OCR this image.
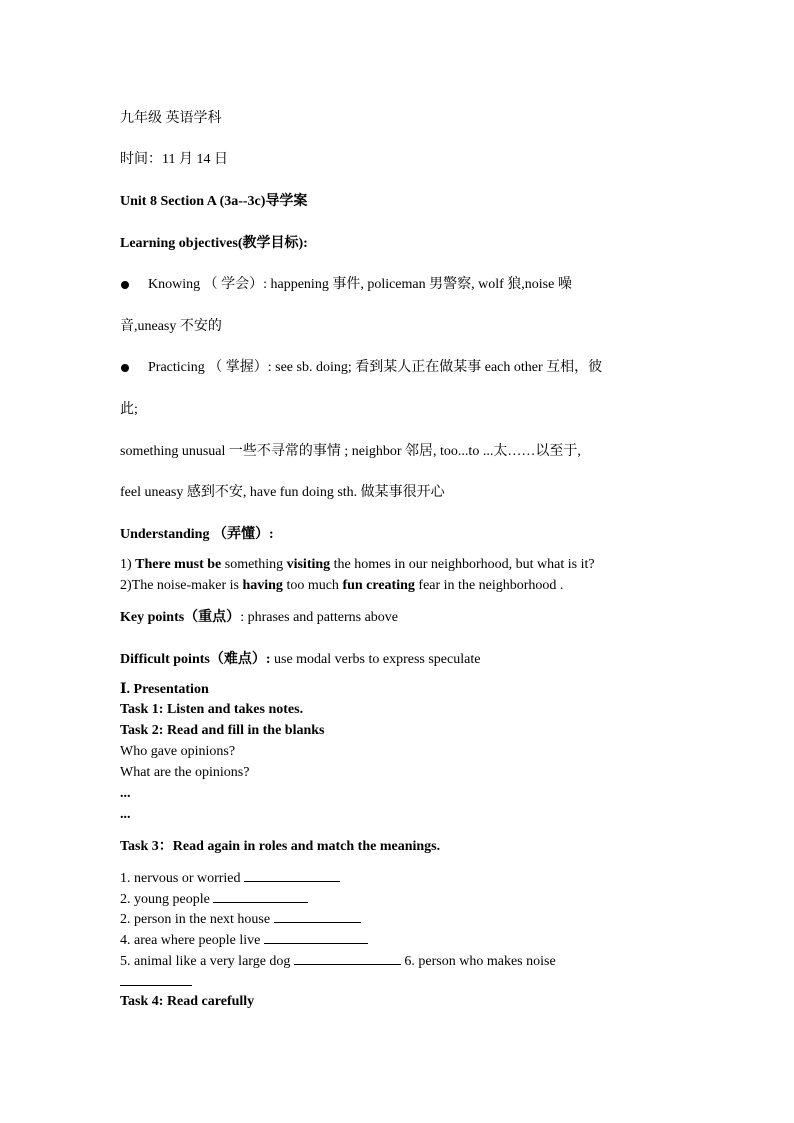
九年级 英语学科
时间：11 月 14 日
Unit 8 Section A (3a--3c)导学案
Learning objectives(教学目标):
Knowing （ 学会）: happening 事件, policeman 男警察, wolf 狼,noise 噪
音,uneasy 不安的
Practicing （ 掌握）: see sb. doing; 看到某人正在做某事 each other 互相，彼
此;
something unusual 一些不寻常的事情 ; neighbor 邻居, too...to ...太……以至于,
feel uneasy 感到不安, have fun doing sth. 做某事很开心
Understanding （弄懂）:
1) There must be something visiting the homes in our neighborhood, but what is it?
2)The noise-maker is having too much fun creating fear in the neighborhood .
Key points（重点）: phrases and patterns above
Difficult points（难点）: use modal verbs to express speculate
Ⅰ. Presentation
Task 1: Listen and takes notes.
Task 2: Read and fill in the blanks
Who gave opinions?
What are the opinions?
...
...
Task 3：Read again in roles and match the meanings.
1. nervous or worried
2. young people
2. person in the next house
4. area where people live
5. animal like a very large dog	6. person who makes noise
Task 4: Read carefully
